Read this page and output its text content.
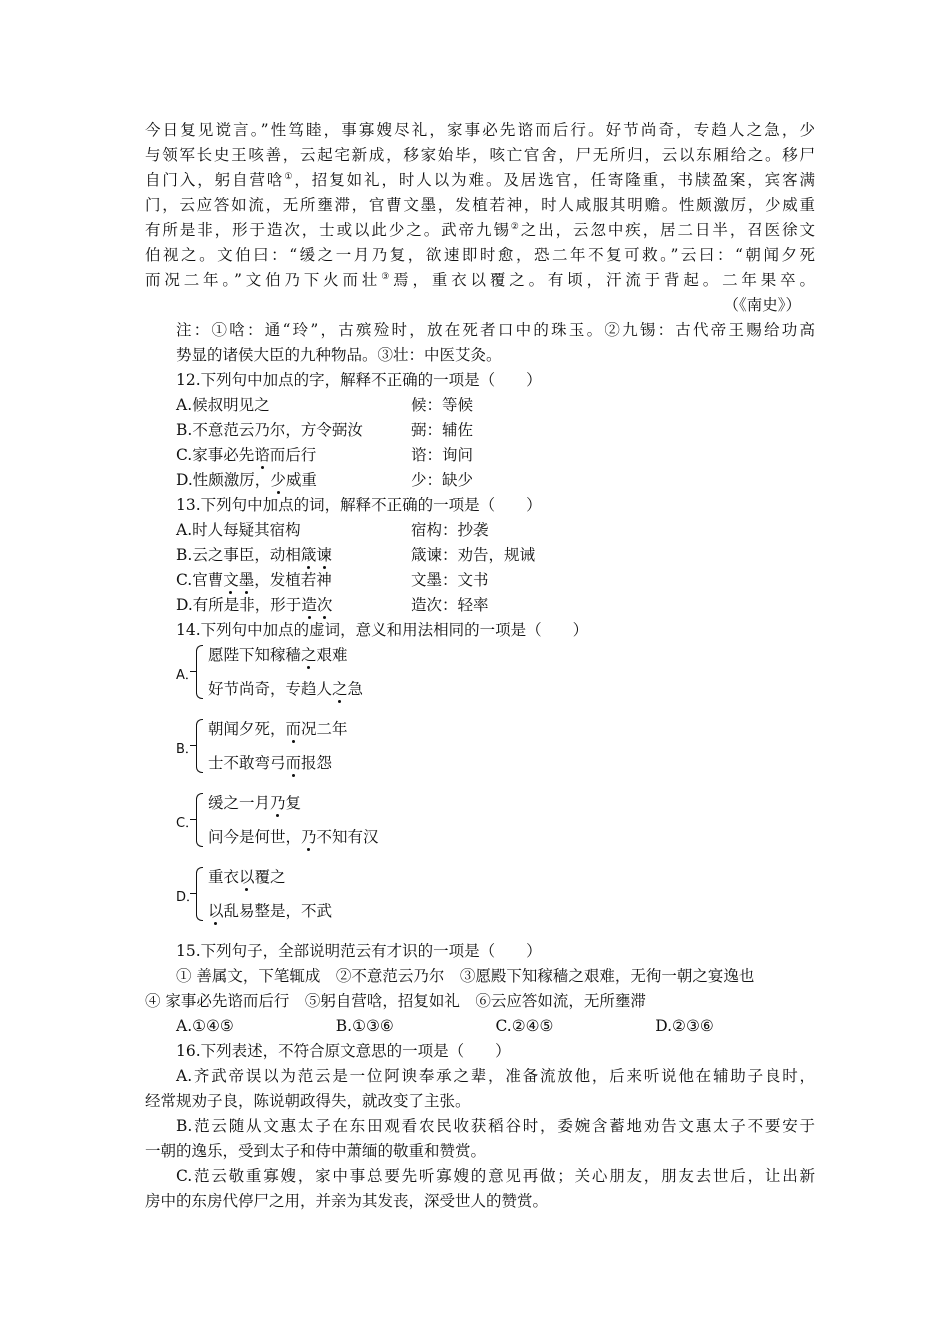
今日复见谠言。”性笃睦，事寡嫂尽礼，家事必先谘而后行。好节尚奇，专趋人之急，少
与领军长史王咳善，云起宅新成，移家始毕，咳亡官舍，尸无所归，云以东厢给之。移尸
自门入，躬自营唅①，招复如礼，时人以为难。及居选官，任寄隆重，书牍盈案，宾客满
门，云应答如流，无所壅滞，官曹文墨，发植若神，时人咸服其明赡。性颇激厉，少威重
有所是非，形于造次，士或以此少之。武帝九锡②之出，云忽中疾，居二日半，召医徐文
伯视之。文伯曰：“缓之一月乃复，欲速即时愈，恐二年不复可救。”云曰：“朝闻夕死
而况二年。”文伯乃下火而壮③焉，重衣以覆之。有顷，汗流于背起。二年果卒。
（《南史》）
注：①唅：通“玲”，古殡殓时，放在死者口中的珠玉。②九锡：古代帝王赐给功高
势显的诸侯大臣的九种物品。③壮：中医艾灸。
12.下列句中加点的字，解释不正确的一项是（　　）
A.候叔明见之	候：等候
B.不意范云乃尔，方令弼汝	弼：辅佐
C.家事必先谘而后行	谘：询问
D.性颇激厉，少威重	少：缺少
13.下列句中加点的词，解释不正确的一项是（　　）
A.时人每疑其宿构	宿构：抄袭
B.云之事臣，动相箴谏	箴谏：劝告，规诫
C.官曹文墨，发植若神	文墨：文书
D.有所是非，形于造次	造次：轻率
14.下列句中加点的虚词，意义和用法相同的一项是（　　）
A．
愿陛下知稼穑之艰难
好节尚奇，专趋人之急
B．
朝闻夕死，而况二年
士不敢弯弓而报怨
C．
缓之一月乃复
问今是何世，乃不知有汉
D．
重衣以覆之
以乱易整是，不武
15.下列句子，全部说明范云有才识的一项是（　　）
① 善属文，下笔辄成　②不意范云乃尔　③愿殿下知稼穑之艰难，无徇一朝之宴逸也
④ 家事必先谘而后行　⑤躬自营唅，招复如礼　⑥云应答如流，无所壅滞
A.①④⑤	B.①③⑥	C.②④⑤	D.②③⑥
16.下列表述，不符合原文意思的一项是（　　）
A.齐武帝误以为范云是一位阿谀奉承之辈，准备流放他，后来听说他在辅助子良时，
经常规劝子良，陈说朝政得失，就改变了主张。
B.范云随从文惠太子在东田观看农民收获稻谷时，委婉含蓄地劝告文惠太子不要安于
一朝的逸乐，受到太子和侍中萧缅的敬重和赞赏。
C.范云敬重寡嫂，家中事总要先听寡嫂的意见再做；关心朋友，朋友去世后，让出新
房中的东房代停尸之用，并亲为其发丧，深受世人的赞赏。
